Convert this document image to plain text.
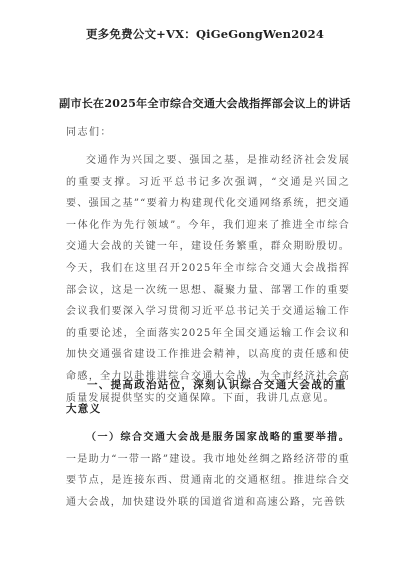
更多免费公文+VX：QiGeGongWen2024
副市长在2025年全市综合交通大会战指挥部会议上的讲话
同志们：

交通作为兴国之要、强国之基，是推动经济社会发展的重要支撑。习近平总书记多次强调，“交通是兴国之要、强国之基”“要着力构建现代化交通网络系统，把交通一体化作为先行领域”。今年，我们迎来了推进全市综合交通大会战的关键一年，建设任务繁重，群众期盼殷切。今天，我们在这里召开2025年全市综合交通大会战指挥部会议，这是一次统一思想、凝聚力量、部署工作的重要会议我们要深入学习贯彻习近平总书记关于交通运输工作的重要论述，全面落实2025年全国交通运输工作会议和加快交通强省建设工作推进会精神，以高度的责任感和使命感，全力以赴推进综合交通大会战，为全市经济社会高质量发展提供坚实的交通保障。下面，我讲几点意见。

一、提高政治站位，深刻认识综合交通大会战的重大意义

（一）综合交通大会战是服务国家战略的重要举措。一是助力“一带一路”建设。我市地处丝绸之路经济带的重要节点，是连接东西、贯通南北的交通枢纽。推进综合交通大会战，加快建设外联的国道省道和高速公路，完善铁
